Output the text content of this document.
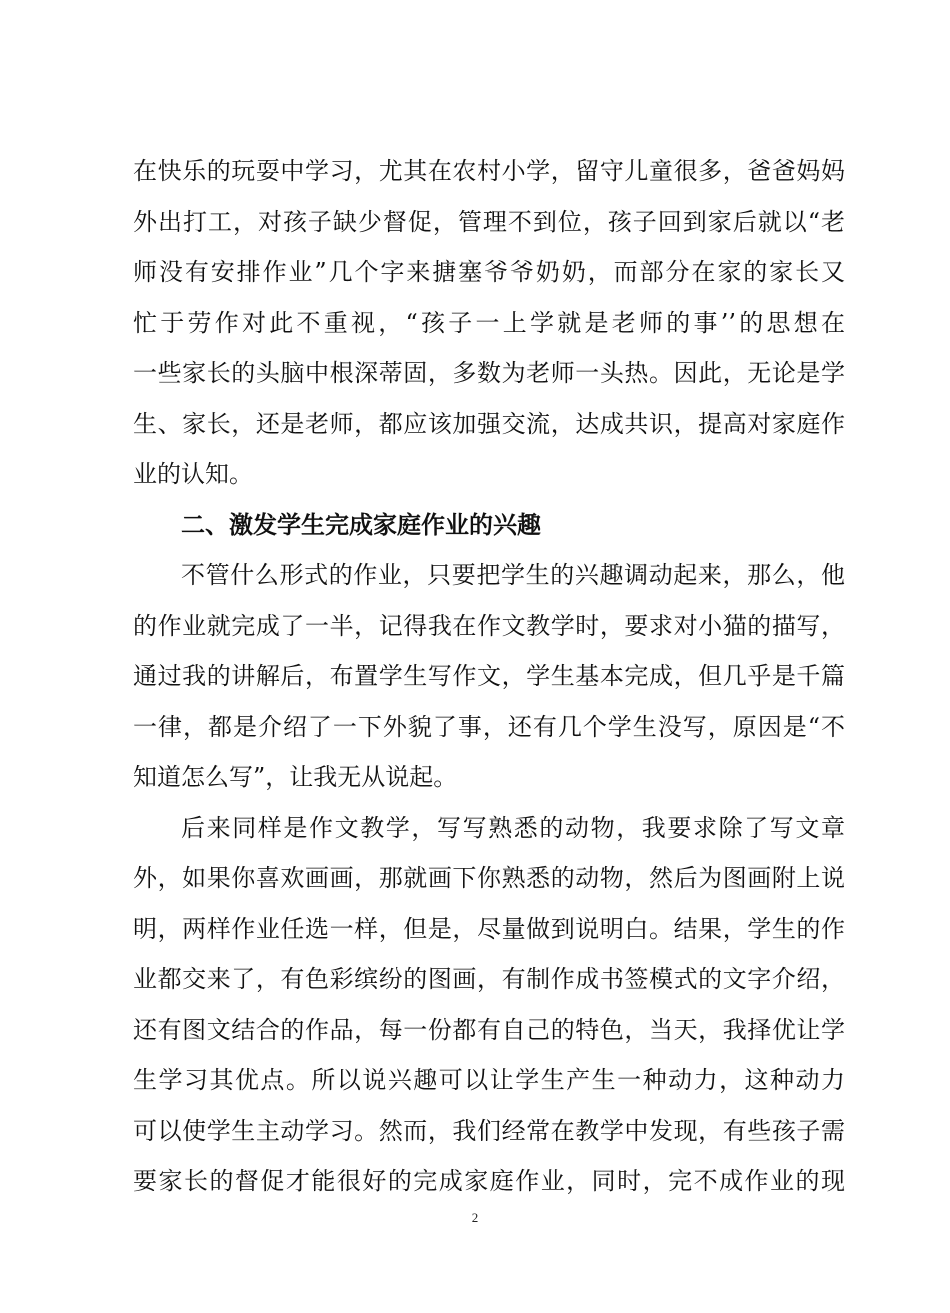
在快乐的玩耍中学习，尤其在农村小学，留守儿童很多，爸爸妈妈
外出打工，对孩子缺少督促，管理不到位，孩子回到家后就以“老
师没有安排作业”几个字来搪塞爷爷奶奶，而部分在家的家长又
忙于劳作对此不重视，“孩子一上学就是老师的事’’的思想在
一些家长的头脑中根深蒂固，多数为老师一头热。因此，无论是学
生、家长，还是老师，都应该加强交流，达成共识，提高对家庭作
业的认知。
二、激发学生完成家庭作业的兴趣
不管什么形式的作业，只要把学生的兴趣调动起来，那么，他
的作业就完成了一半，记得我在作文教学时，要求对小猫的描写，
通过我的讲解后，布置学生写作文，学生基本完成，但几乎是千篇
一律，都是介绍了一下外貌了事，还有几个学生没写，原因是“不
知道怎么写”，让我无从说起。
后来同样是作文教学，写写熟悉的动物，我要求除了写文章
外，如果你喜欢画画，那就画下你熟悉的动物，然后为图画附上说
明，两样作业任选一样，但是，尽量做到说明白。结果，学生的作
业都交来了，有色彩缤纷的图画，有制作成书签模式的文字介绍，
还有图文结合的作品，每一份都有自己的特色，当天，我择优让学
生学习其优点。所以说兴趣可以让学生产生一种动力，这种动力
可以使学生主动学习。然而，我们经常在教学中发现，有些孩子需
要家长的督促才能很好的完成家庭作业，同时，完不成作业的现
2
